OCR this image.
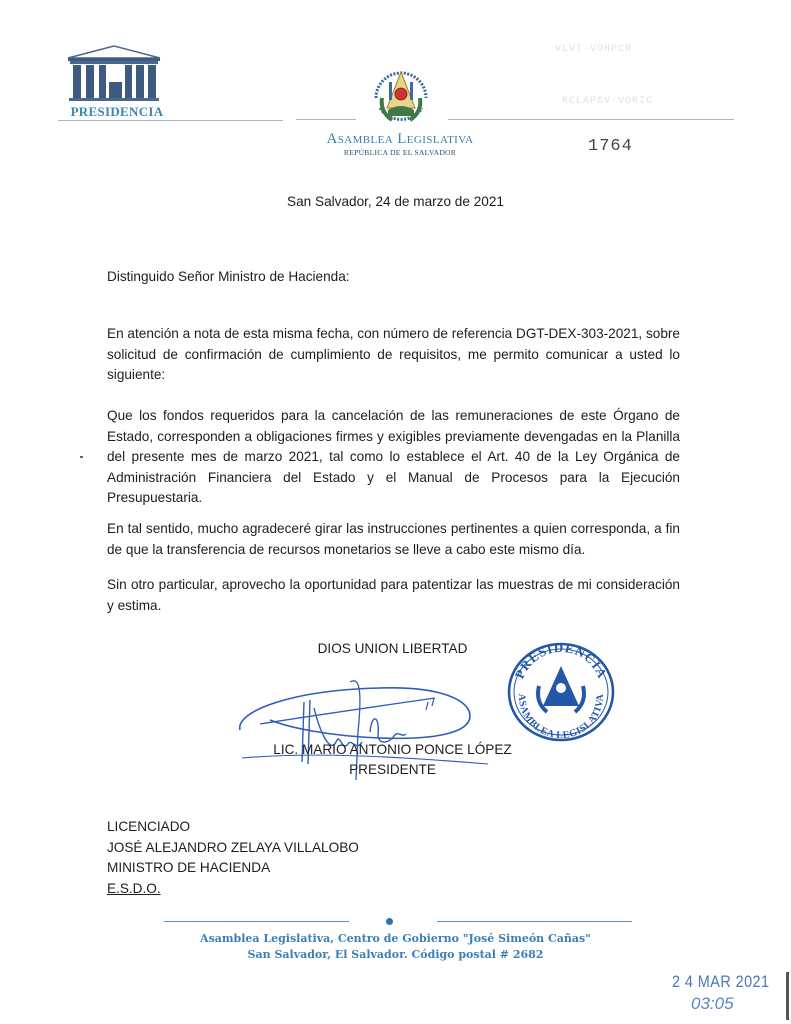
PRESIDENCIA
Asamblea Legislativa
REPÚBLICA DE EL SALVADOR
VLVT-VOHPCR
RCLAPSV-VORIC
1764
San Salvador, 24 de marzo de 2021
Distinguido Señor Ministro de Hacienda:
En atención a nota de esta misma fecha, con número de referencia DGT-DEX-303-2021, sobre solicitud de confirmación de cumplimiento de requisitos, me permito comunicar a usted lo siguiente:
Que los fondos requeridos para la cancelación de las remuneraciones de este Órgano de Estado, corresponden a obligaciones firmes y exigibles previamente devengadas en la Planilla del presente mes de marzo 2021, tal como lo establece el Art. 40 de la Ley Orgánica de Administración Financiera del Estado y el Manual de Procesos para la Ejecución Presupuestaria.
En tal sentido, mucho agradeceré girar las instrucciones pertinentes a quien corresponda, a fin de que la transferencia de recursos monetarios se lleve a cabo este mismo día.
Sin otro particular, aprovecho la oportunidad para patentizar las muestras de mi consideración y estima.
DIOS UNION LIBERTAD
PRESIDENCIA
ASAMBLEA LEGISLATIVA
LIC. MARIO ANTONIO PONCE LÓPEZ
PRESIDENTE
LICENCIADO
JOSÉ ALEJANDRO ZELAYA VILLALOBO
MINISTRO DE HACIENDA
E.S.D.O.
Asamblea Legislativa, Centro de Gobierno "José Simeón Cañas"
San Salvador, El Salvador. Código postal # 2682
2 4 MAR 2021
03:05
